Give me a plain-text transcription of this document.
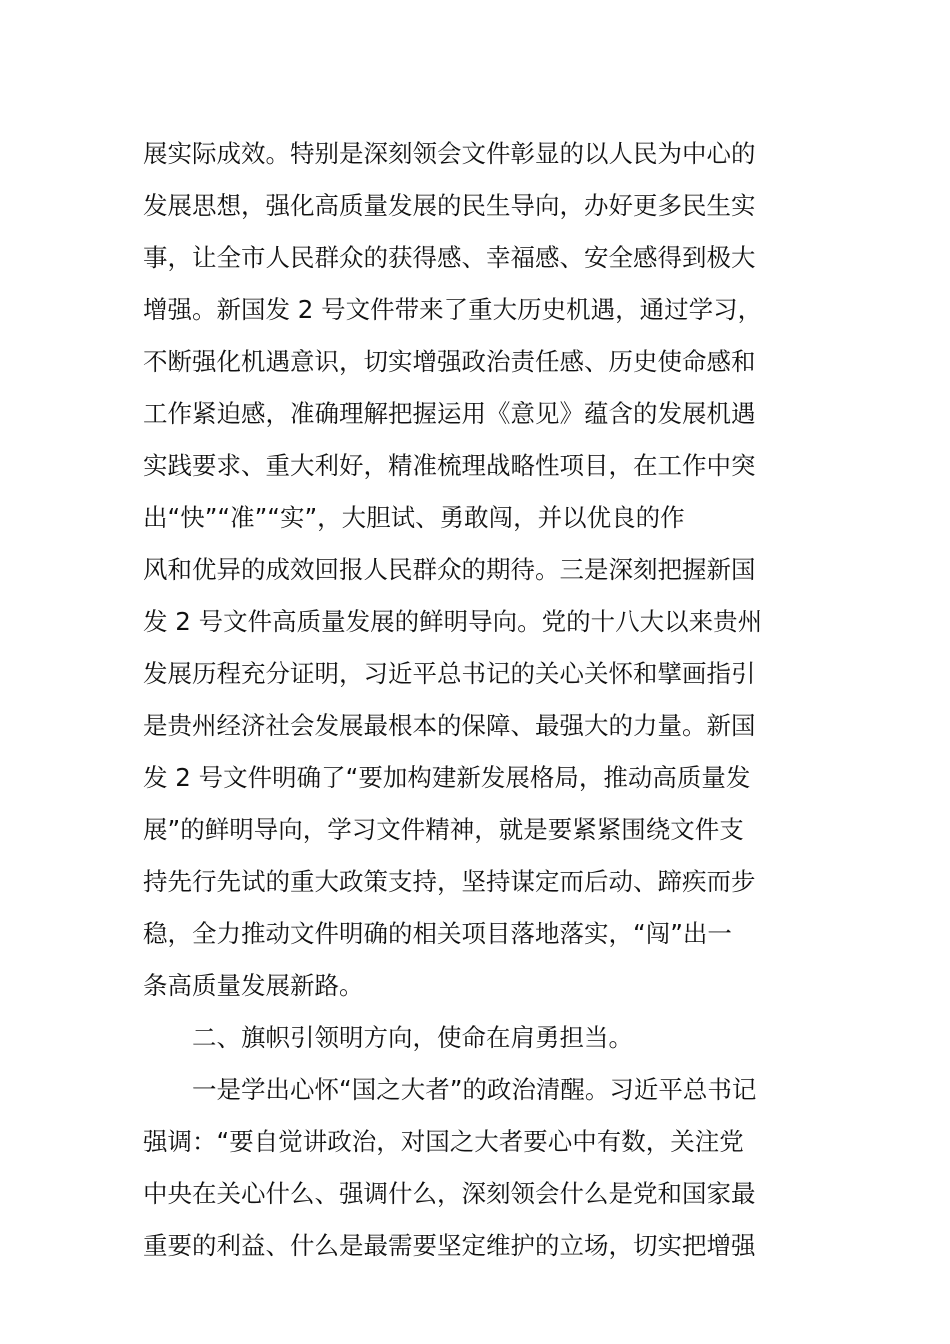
展实际成效。特别是深刻领会文件彰显的以人民为中心的
发展思想，强化高质量发展的民生导向，办好更多民生实
事，让全市人民群众的获得感、幸福感、安全感得到极大
增强。新国发 2 号文件带来了重大历史机遇，通过学习，
不断强化机遇意识，切实增强政治责任感、历史使命感和
工作紧迫感，准确理解把握运用《意见》蕴含的发展机遇
实践要求、重大利好，精准梳理战略性项目，在工作中突
出“快”“准”“实”，大胆试、勇敢闯，并以优良的作
风和优异的成效回报人民群众的期待。三是深刻把握新国
发 2 号文件高质量发展的鲜明导向。党的十八大以来贵州
发展历程充分证明，习近平总书记的关心关怀和擘画指引
是贵州经济社会发展最根本的保障、最强大的力量。新国
发 2 号文件明确了“要加构建新发展格局，推动高质量发
展”的鲜明导向，学习文件精神，就是要紧紧围绕文件支
持先行先试的重大政策支持，坚持谋定而后动、蹄疾而步
稳，全力推动文件明确的相关项目落地落实，“闯”出一
条高质量发展新路。
二、旗帜引领明方向，使命在肩勇担当。
一是学出心怀“国之大者”的政治清醒。习近平总书记
强调：“要自觉讲政治，对国之大者要心中有数，关注党
中央在关心什么、强调什么，深刻领会什么是党和国家最
重要的利益、什么是最需要坚定维护的立场，切实把增强
